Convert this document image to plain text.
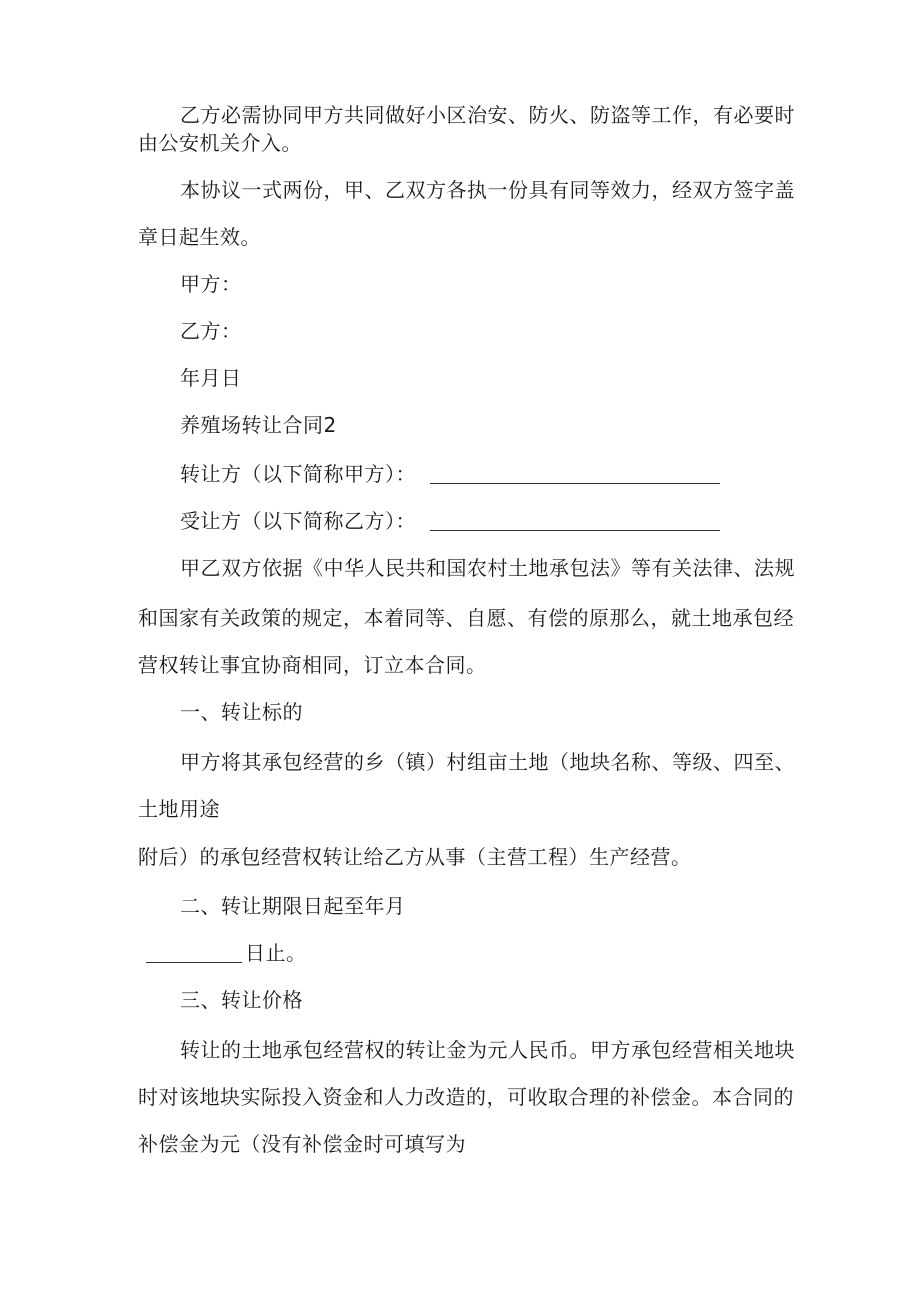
乙方必需协同甲方共同做好小区治安、防火、防盗等工作，有必要时
由公安机关介入。
本协议一式两份，甲、乙双方各执一份具有同等效力，经双方签字盖
章日起生效。
甲方：
乙方：
年月日
养殖场转让合同2
转让方（以下简称甲方）：
受让方（以下简称乙方）：
甲乙双方依据《中华人民共和国农村土地承包法》等有关法律、法规
和国家有关政策的规定，本着同等、自愿、有偿的原那么，就土地承包经
营权转让事宜协商相同，订立本合同。
一、转让标的
甲方将其承包经营的乡（镇）村组亩土地（地块名称、等级、四至、
土地用途
附后）的承包经营权转让给乙方从事（主营工程）生产经营。
二、转让期限日起至年月
日止。
三、转让价格
转让的土地承包经营权的转让金为元人民币。甲方承包经营相关地块
时对该地块实际投入资金和人力改造的，可收取合理的补偿金。本合同的
补偿金为元（没有补偿金时可填写为
